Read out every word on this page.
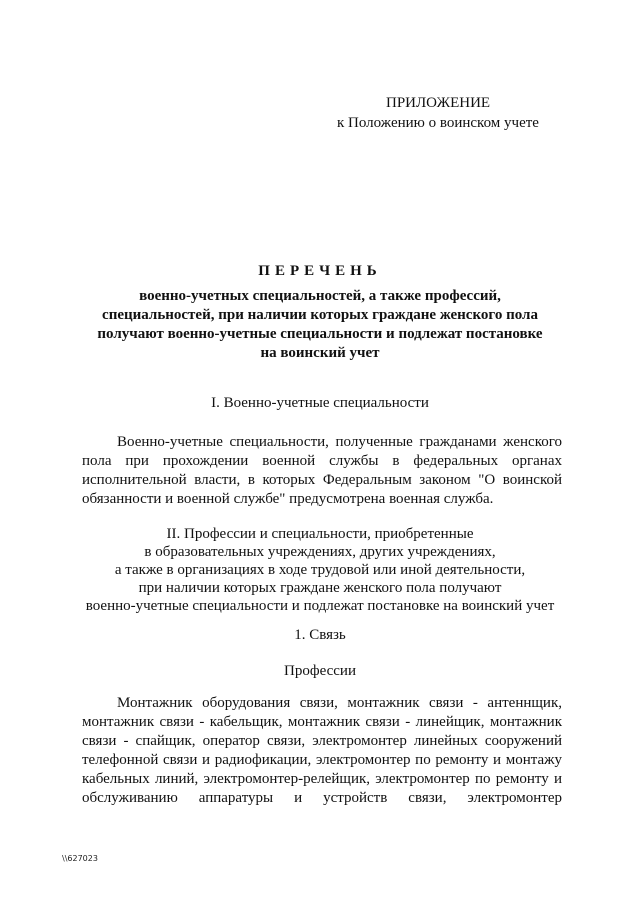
ПРИЛОЖЕНИЕ
к Положению о воинском учете
ПЕРЕЧЕНЬ
военно-учетных специальностей, а также профессий,
специальностей, при наличии которых граждане женского пола
получают военно-учетные специальности и подлежат постановке
на воинский учет
I. Военно-учетные специальности
Военно-учетные специальности, полученные гражданами женского
пола при прохождении военной службы в федеральных органах
исполнительной власти, в которых Федеральным законом "О воинской
обязанности и военной службе" предусмотрена военная служба.
II. Профессии и специальности, приобретенные
в образовательных учреждениях, других учреждениях,
а также в организациях в ходе трудовой или иной деятельности,
при наличии которых граждане женского пола получают
военно-учетные специальности и подлежат постановке на воинский учет
1. Связь
Профессии
Монтажник оборудования связи, монтажник связи - антеннщик,
монтажник связи - кабельщик, монтажник связи - линейщик, монтажник
связи - спайщик, оператор связи, электромонтер линейных сооружений
телефонной связи и радиофикации, электромонтер по ремонту и монтажу
кабельных линий, электромонтер-релейщик, электромонтер по ремонту и
обслуживанию аппаратуры и устройств связи, электромонтер
\\627023
